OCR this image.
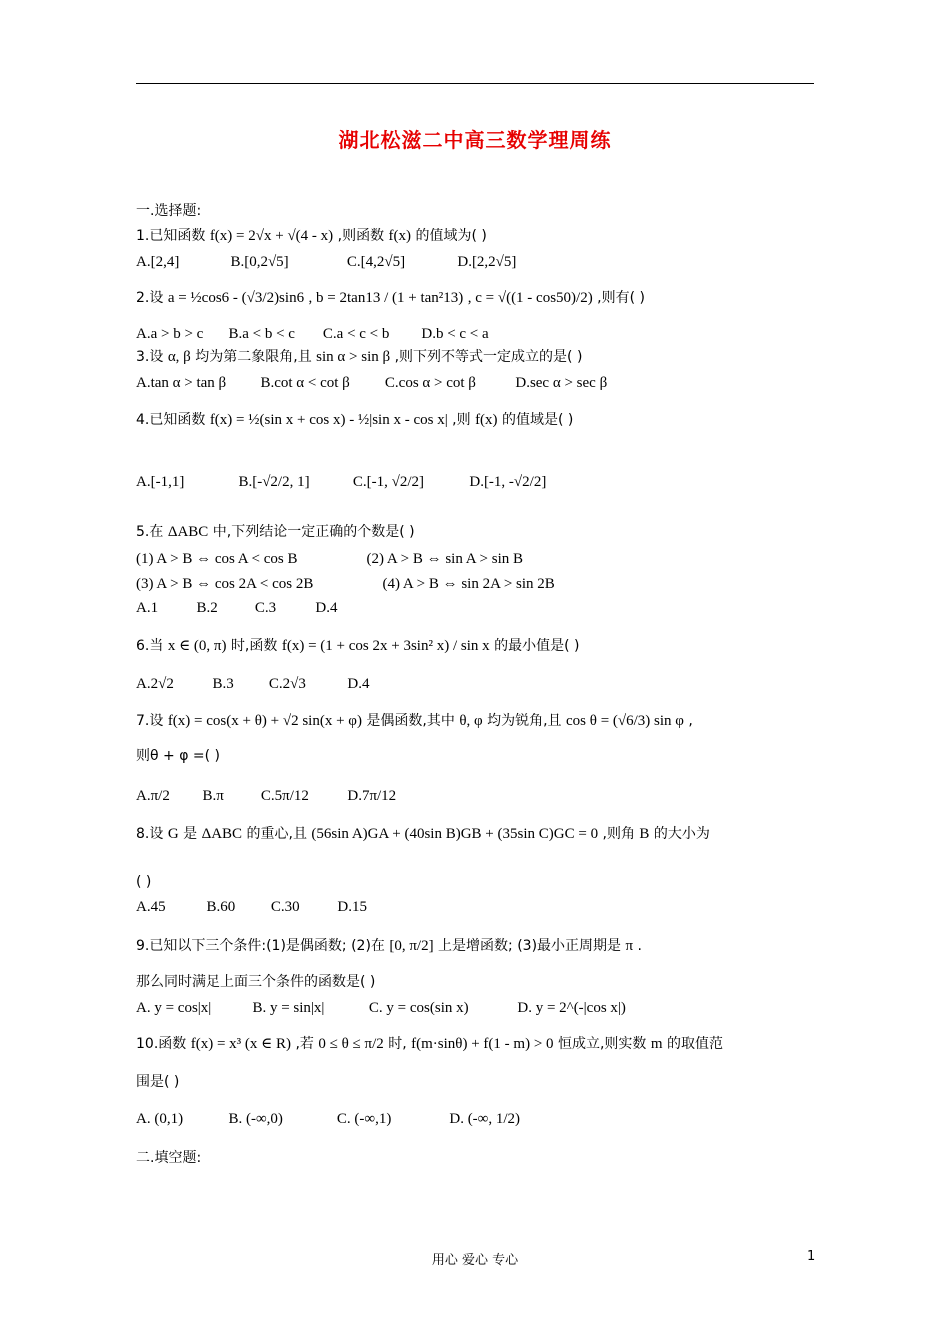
湖北松滋二中高三数学理周练
一.选择题:
1.已知函数 f(x) = 2√x + √(4 - x) ,则函数 f(x) 的值域为( )
A.[2,4]	B.[0,2√5]	C.[4,2√5]	D.[2,2√5]
2.设 a = ½cos6 - (√3/2)sin6 , b = 2tan13 / (1 + tan²13) , c = √((1 - cos50)/2) ,则有( )
A.a > b > c B.a < b < c C.a < c < b D.b < c < a
3.设 α, β 均为第二象限角,且 sin α > sin β ,则下列不等式一定成立的是( )
A.tan α > tan β B.cot α < cot β C.cos α > cot β	D.sec α > sec β
4.已知函数 f(x) = ½(sin x + cos x) - ½|sin x - cos x| ,则 f(x) 的值域是( )
A.[-1,1]	B.[-√2/2, 1]	C.[-1, √2/2]	D.[-1, -√2/2]
5.在 ΔABC 中,下列结论一定正确的个数是( )
(1) A > B ⇔ cos A < cos B	(2) A > B ⇔ sin A > sin B
(3) A > B ⇔ cos 2A < cos 2B	(4) A > B ⇔ sin 2A > sin 2B
A.1	B.2 C.3	D.4
6.当 x ∈ (0, π) 时,函数 f(x) = (1 + cos 2x + 3sin² x) / sin x 的最小值是( )
A.2√2	B.3 C.2√3	D.4
7.设 f(x) = cos(x + θ) + √2 sin(x + φ) 是偶函数,其中 θ, φ 均为锐角,且 cos θ = (√6/3) sin φ ,
则θ + φ =( )
A.π/2 B.π C.5π/12	D.7π/12
8.设 G 是 ΔABC 的重心,且 (56sin A)GA + (40sin B)GB + (35sin C)GC = 0 ,则角 B 的大小为
( )
A.45	B.60 C.30	D.15
9.已知以下三个条件:(1)是偶函数; (2)在 [0, π/2] 上是增函数; (3)最小正周期是 π .
那么同时满足上面三个条件的函数是( )
A. y = cos|x|	B. y = sin|x|	C. y = cos(sin x)	D. y = 2^(-|cos x|)
10.函数 f(x) = x³ (x ∈ R) ,若 0 ≤ θ ≤ π/2 时, f(m·sinθ) + f(1 - m) > 0 恒成立,则实数 m 的取值范
围是( )
A. (0,1)	B. (-∞,0)	C. (-∞,1)	D. (-∞, 1/2)
二.填空题:
用心 爱心 专心	1
